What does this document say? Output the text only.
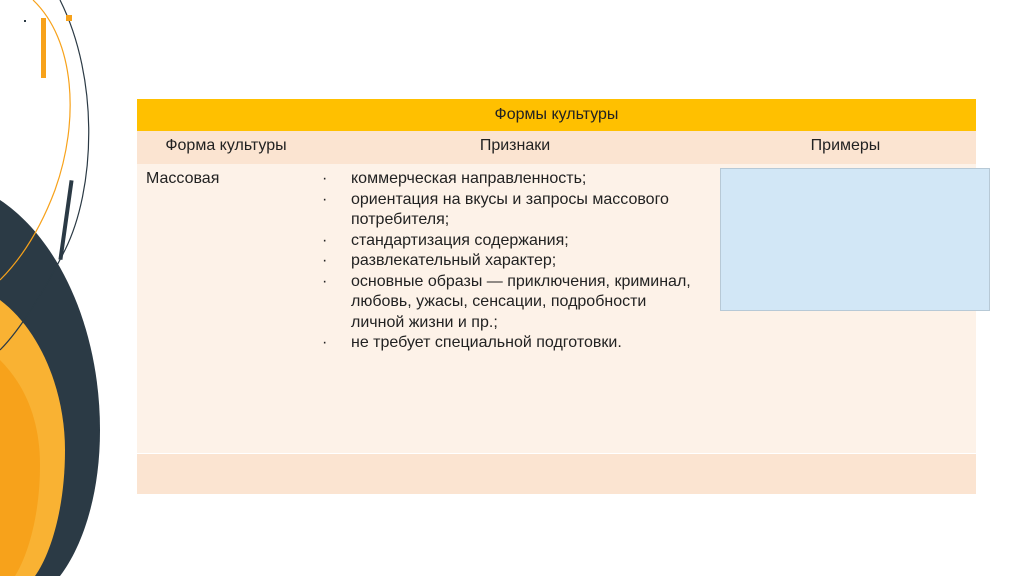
Формы культуры
Форма культуры	Признаки	Примеры
Массовая	· коммерческая направленность;
· ориентация на вкусы и запросы массового потребителя;
· стандартизация содержания;
· развлекательный характер;
· основные образы — приключения, криминал, любовь, ужасы, сенсации, подробности личной жизни и пр.;
· не требует специальной подготовки.
